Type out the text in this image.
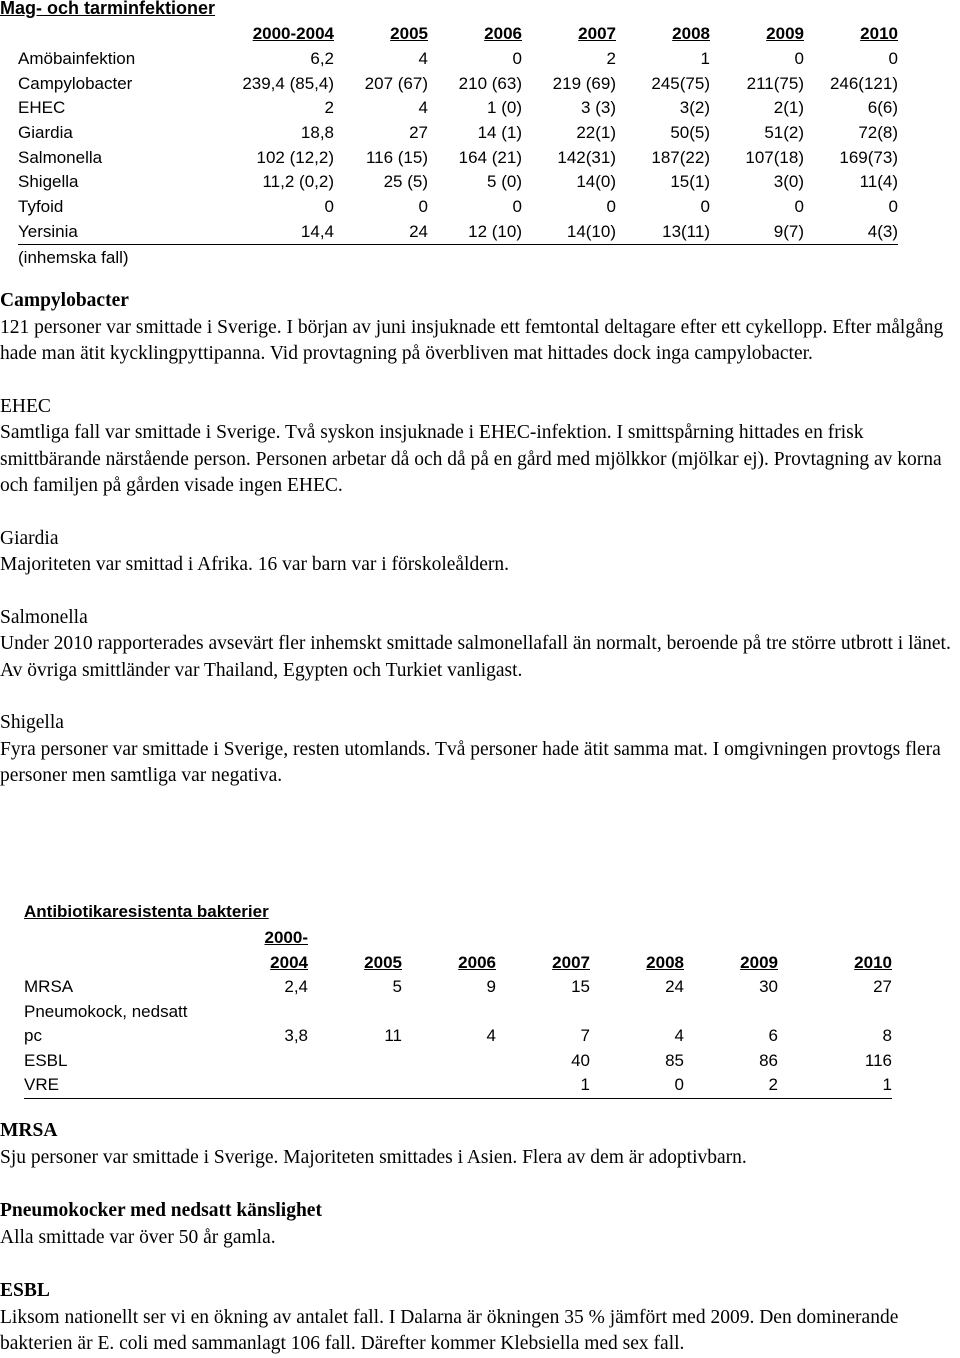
Mag- och tarminfektioner
	2000-2004	2005	2006	2007	2008	2009	2010
Amöbainfektion	6,2	4	0	2	1	0	0
Campylobacter	239,4 (85,4)	207 (67)	210 (63)	219 (69)	245(75)	211(75)	246(121)
EHEC	2	4	1 (0)	3 (3)	3(2)	2(1)	6(6)
Giardia	18,8	27	14 (1)	22(1)	50(5)	51(2)	72(8)
Salmonella	102 (12,2)	116 (15)	164 (21)	142(31)	187(22)	107(18)	169(73)
Shigella	11,2 (0,2)	25 (5)	5 (0)	14(0)	15(1)	3(0)	11(4)
Tyfoid	0	0	0	0	0	0	0
Yersinia	14,4	24	12 (10)	14(10)	13(11)	9(7)	4(3)
(inhemska fall)							
Campylobacter

121 personer var smittade i Sverige. I början av juni insjuknade ett femtontal deltagare efter ett cykellopp. Efter målgång hade man ätit kycklingpyttipanna. Vid provtagning på överbliven mat hittades dock inga campylobacter.

EHEC

Samtliga fall var smittade i Sverige. Två syskon insjuknade i EHEC-infektion. I smittspårning hittades en frisk smittbärande närstående person. Personen arbetar då och då på en gård med mjölkkor (mjölkar ej). Provtagning av korna och familjen på gården visade ingen EHEC.

Giardia

Majoriteten var smittad i Afrika. 16 var barn var i förskoleåldern.

Salmonella

Under 2010 rapporterades avsevärt fler inhemskt smittade salmonellafall än normalt, beroende på tre större utbrott i länet. Av övriga smittländer var Thailand, Egypten och Turkiet vanligast.

Shigella

Fyra personer var smittade i Sverige, resten utomlands. Två personer hade ätit samma mat. I omgivningen provtogs flera personer men samtliga var negativa.

Antibiotikaresistenta bakterier
	2000-						
	2004	2005	2006	2007	2008	2009	2010
MRSA	2,4	5	9	15	24	30	27
Pneumokock, nedsatt							
pc	3,8	11	4	7	4	6	8
ESBL				40	85	86	116
VRE				1	0	2	1
MRSA

Sju personer var smittade i Sverige. Majoriteten smittades i Asien. Flera av dem är adoptivbarn.

Pneumokocker med nedsatt känslighet

Alla smittade var över 50 år gamla.

ESBL

Liksom nationellt ser vi en ökning av antalet fall. I Dalarna är ökningen 35 % jämfört med 2009. Den dominerande bakterien är E. coli med sammanlagt 106 fall. Därefter kommer Klebsiella med sex fall.
